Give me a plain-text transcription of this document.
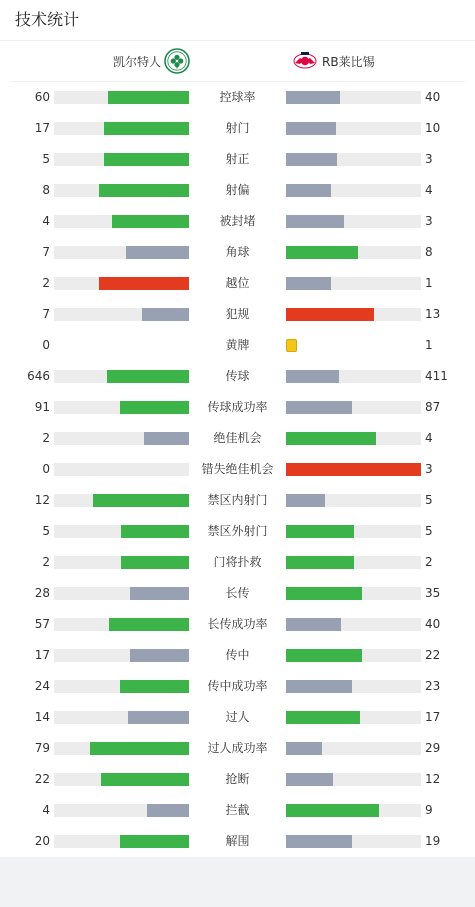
技术统计
凯尔特人	RB莱比锡
60	控球率	40
17	射门	10
5	射正	3
8	射偏	4
4	被封堵	3
7	角球	8
2	越位	1
7	犯规	13
0	黄牌	1
646	传球	411
91	传球成功率	87
2	绝佳机会	4
0	错失绝佳机会	3
12	禁区内射门	5
5	禁区外射门	5
2	门将扑救	2
28	长传	35
57	长传成功率	40
17	传中	22
24	传中成功率	23
14	过人	17
79	过人成功率	29
22	抢断	12
4	拦截	9
20	解围	19
